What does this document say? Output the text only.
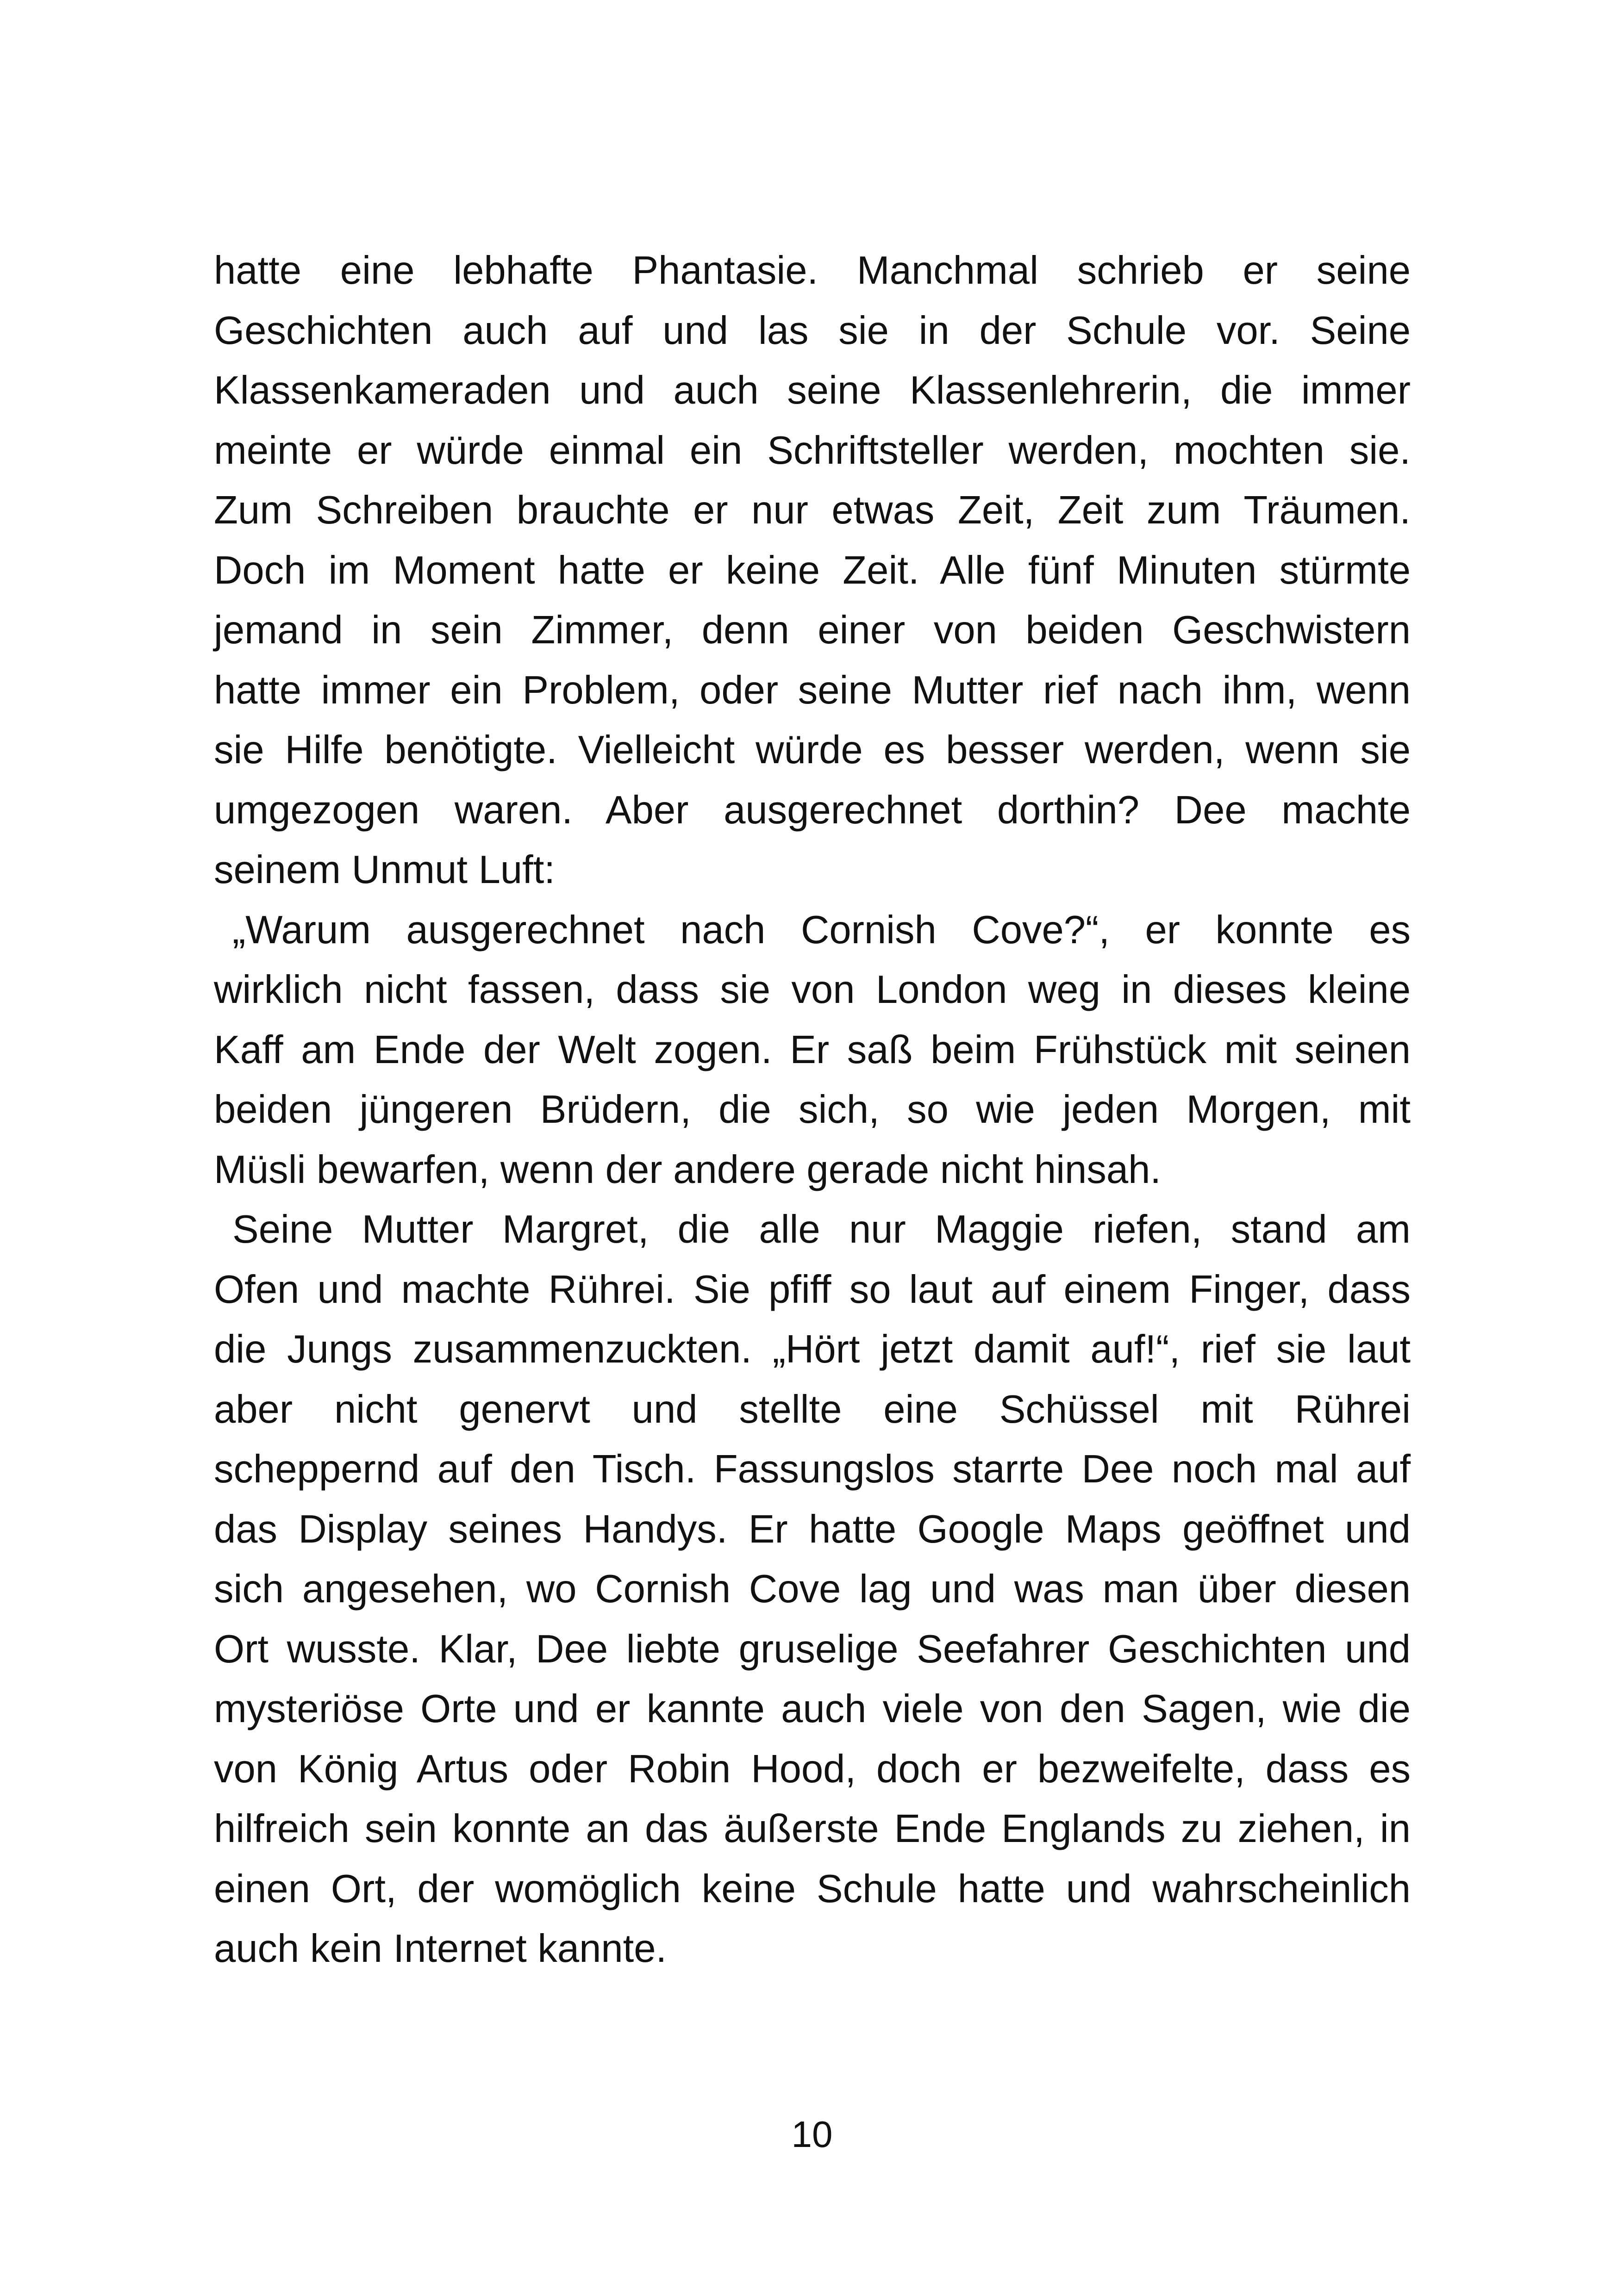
hatte eine lebhafte Phantasie. Manchmal schrieb er seine
Geschichten auch auf und las sie in der Schule vor. Seine
Klassenkameraden und auch seine Klassenlehrerin, die immer
meinte er würde einmal ein Schriftsteller werden, mochten sie.
Zum Schreiben brauchte er nur etwas Zeit, Zeit zum Träumen.
Doch im Moment hatte er keine Zeit. Alle fünf Minuten stürmte
jemand in sein Zimmer, denn einer von beiden Geschwistern
hatte immer ein Problem, oder seine Mutter rief nach ihm, wenn
sie Hilfe benötigte. Vielleicht würde es besser werden, wenn sie
umgezogen waren. Aber ausgerechnet dorthin? Dee machte
seinem Unmut Luft:
„Warum ausgerechnet nach Cornish Cove?“, er konnte es
wirklich nicht fassen, dass sie von London weg in dieses kleine
Kaff am Ende der Welt zogen. Er saß beim Frühstück mit seinen
beiden jüngeren Brüdern, die sich, so wie jeden Morgen, mit
Müsli bewarfen, wenn der andere gerade nicht hinsah.
Seine Mutter Margret, die alle nur Maggie riefen, stand am
Ofen und machte Rührei. Sie pfiff so laut auf einem Finger, dass
die Jungs zusammenzuckten. „Hört jetzt damit auf!“, rief sie laut
aber nicht genervt und stellte eine Schüssel mit Rührei
scheppernd auf den Tisch. Fassungslos starrte Dee noch mal auf
das Display seines Handys. Er hatte Google Maps geöffnet und
sich angesehen, wo Cornish Cove lag und was man über diesen
Ort wusste. Klar, Dee liebte gruselige Seefahrer Geschichten und
mysteriöse Orte und er kannte auch viele von den Sagen, wie die
von König Artus oder Robin Hood, doch er bezweifelte, dass es
hilfreich sein konnte an das äußerste Ende Englands zu ziehen, in
einen Ort, der womöglich keine Schule hatte und wahrscheinlich
auch kein Internet kannte.
10
